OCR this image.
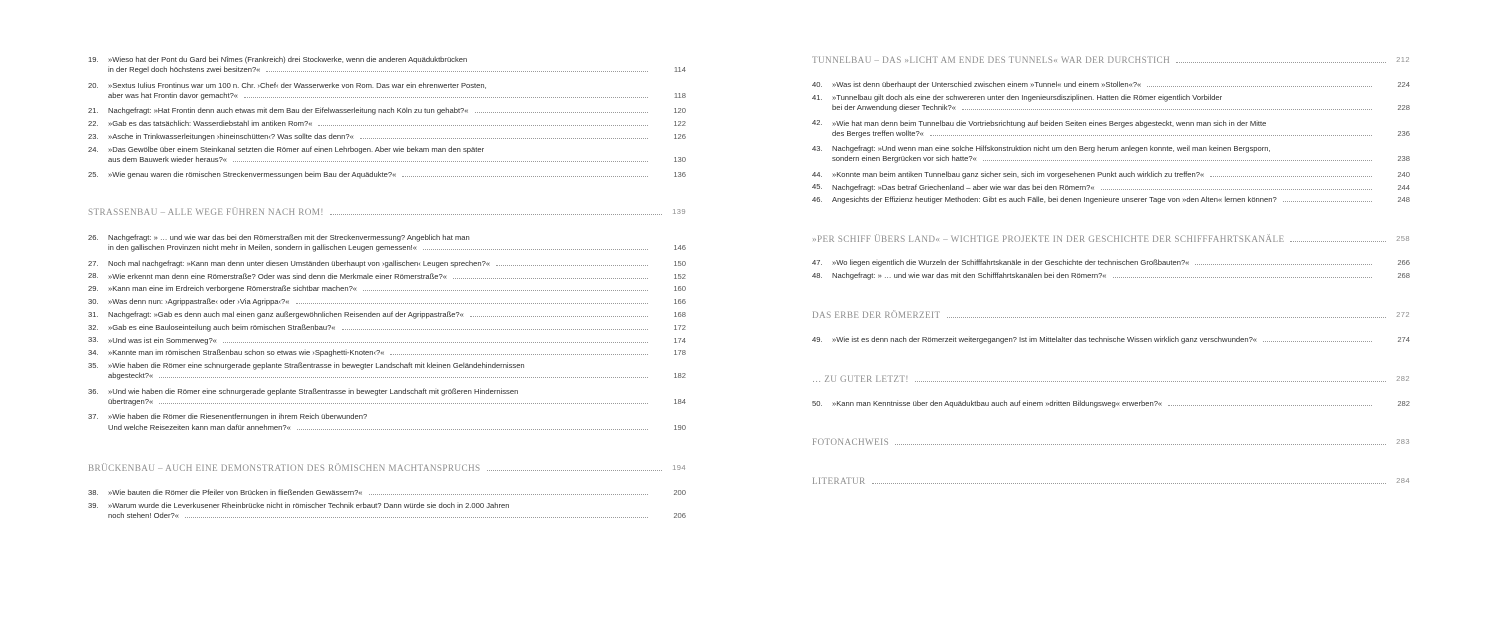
19. »Wieso hat der Pont du Gard bei Nîmes (Frankreich) drei Stockwerke, wenn die anderen Aquäduktbrücken
in der Regel doch höchstens zwei besitzen?«	114
20. »Sextus Iulius Frontinus war um 100 n. Chr. ›Chef‹ der Wasserwerke von Rom. Das war ein ehrenwerter Posten,
aber was hat Frontin davor gemacht?«	118
21. Nachgefragt: »Hat Frontin denn auch etwas mit dem Bau der Eifelwasserleitung nach Köln zu tun gehabt?«	120
22. »Gab es das tatsächlich: Wasserdiebstahl im antiken Rom?«	122
23. »Asche in Trinkwasserleitungen ›hineinschütten‹? Was sollte das denn?«	126
24. »Das Gewölbe über einem Steinkanal setzten die Römer auf einen Lehrbogen. Aber wie bekam man den später
aus dem Bauwerk wieder heraus?«	130
25. »Wie genau waren die römischen Streckenvermessungen beim Bau der Aquädukte?«	136
STRASSENBAU – ALLE WEGE FÜHREN NACH ROM!	139
26. Nachgefragt: » … und wie war das bei den Römerstraßen mit der Streckenvermessung? Angeblich hat man
in den gallischen Provinzen nicht mehr in Meilen, sondern in gallischen Leugen gemessen!«	146
27. Noch mal nachgefragt: »Kann man denn unter diesen Umständen überhaupt von ›gallischen‹ Leugen sprechen?«	150
28. »Wie erkennt man denn eine Römerstraße? Oder was sind denn die Merkmale einer Römerstraße?«	152
29. »Kann man eine im Erdreich verborgene Römerstraße sichtbar machen?«	160
30. »Was denn nun: ›Agrippastraße‹ oder ›Via Agrippa‹?«	166
31. Nachgefragt: »Gab es denn auch mal einen ganz außergewöhnlichen Reisenden auf der Agrippastraße?«	168
32. »Gab es eine Bauloseinteilung auch beim römischen Straßenbau?«	172
33. »Und was ist ein Sommerweg?«	174
34. »Kannte man im römischen Straßenbau schon so etwas wie ›Spaghetti-Knoten‹?«	178
35. »Wie haben die Römer eine schnurgerade geplante Straßentrasse in bewegter Landschaft mit kleinen Geländehindernissen
abgesteckt?«	182
36. »Und wie haben die Römer eine schnurgerade geplante Straßentrasse in bewegter Landschaft mit größeren Hindernissen
übertragen?«	184
37. »Wie haben die Römer die Riesenentfernungen in ihrem Reich überwunden?
Und welche Reisezeiten kann man dafür annehmen?«	190
BRÜCKENBAU – AUCH EINE DEMONSTRATION DES RÖMISCHEN MACHTANSPRUCHS	194
38. »Wie bauten die Römer die Pfeiler von Brücken in fließenden Gewässern?«	200
39. »Warum wurde die Leverkusener Rheinbrücke nicht in römischer Technik erbaut? Dann würde sie doch in 2.000 Jahren
noch stehen! Oder?«	206
TUNNELBAU – DAS »LICHT AM ENDE DES TUNNELS« WAR DER DURCHSTICH	212
40. »Was ist denn überhaupt der Unterschied zwischen einem »Tunnel« und einem »Stollen«?«	224
41. »Tunnelbau gilt doch als eine der schwereren unter den Ingenieursdisziplinen. Hatten die Römer eigentlich Vorbilder
bei der Anwendung dieser Technik?«	228
42. »Wie hat man denn beim Tunnelbau die Vortriebsrichtung auf beiden Seiten eines Berges abgesteckt, wenn man sich in der Mitte
des Berges treffen wollte?«	236
43. Nachgefragt: »Und wenn man eine solche Hilfskonstruktion nicht um den Berg herum anlegen konnte, weil man keinen Bergsporn,
sondern einen Bergrücken vor sich hatte?«	238
44. »Konnte man beim antiken Tunnelbau ganz sicher sein, sich im vorgesehenen Punkt auch wirklich zu treffen?«	240
45. Nachgefragt: »Das betraf Griechenland – aber wie war das bei den Römern?«	244
46. Angesichts der Effizienz heutiger Methoden: Gibt es auch Fälle, bei denen Ingenieure unserer Tage von »den Alten« lernen können?	248
»PER SCHIFF ÜBERS LAND« – WICHTIGE PROJEKTE IN DER GESCHICHTE DER SCHIFFFAHRTSKANÄLE	258
47. »Wo liegen eigentlich die Wurzeln der Schifffahrtskanäle in der Geschichte der technischen Großbauten?«	266
48. Nachgefragt: » … und wie war das mit den Schifffahrtskanälen bei den Römern?«	268
DAS ERBE DER RÖMERZEIT	272
49. »Wie ist es denn nach der Römerzeit weitergegangen? Ist im Mittelalter das technische Wissen wirklich ganz verschwunden?«	274
… ZU GUTER LETZT!	282
50. »Kann man Kenntnisse über den Aquäduktbau auch auf einem »dritten Bildungsweg« erwerben?«	282
FOTONACHWEIS	283
LITERATUR	284
